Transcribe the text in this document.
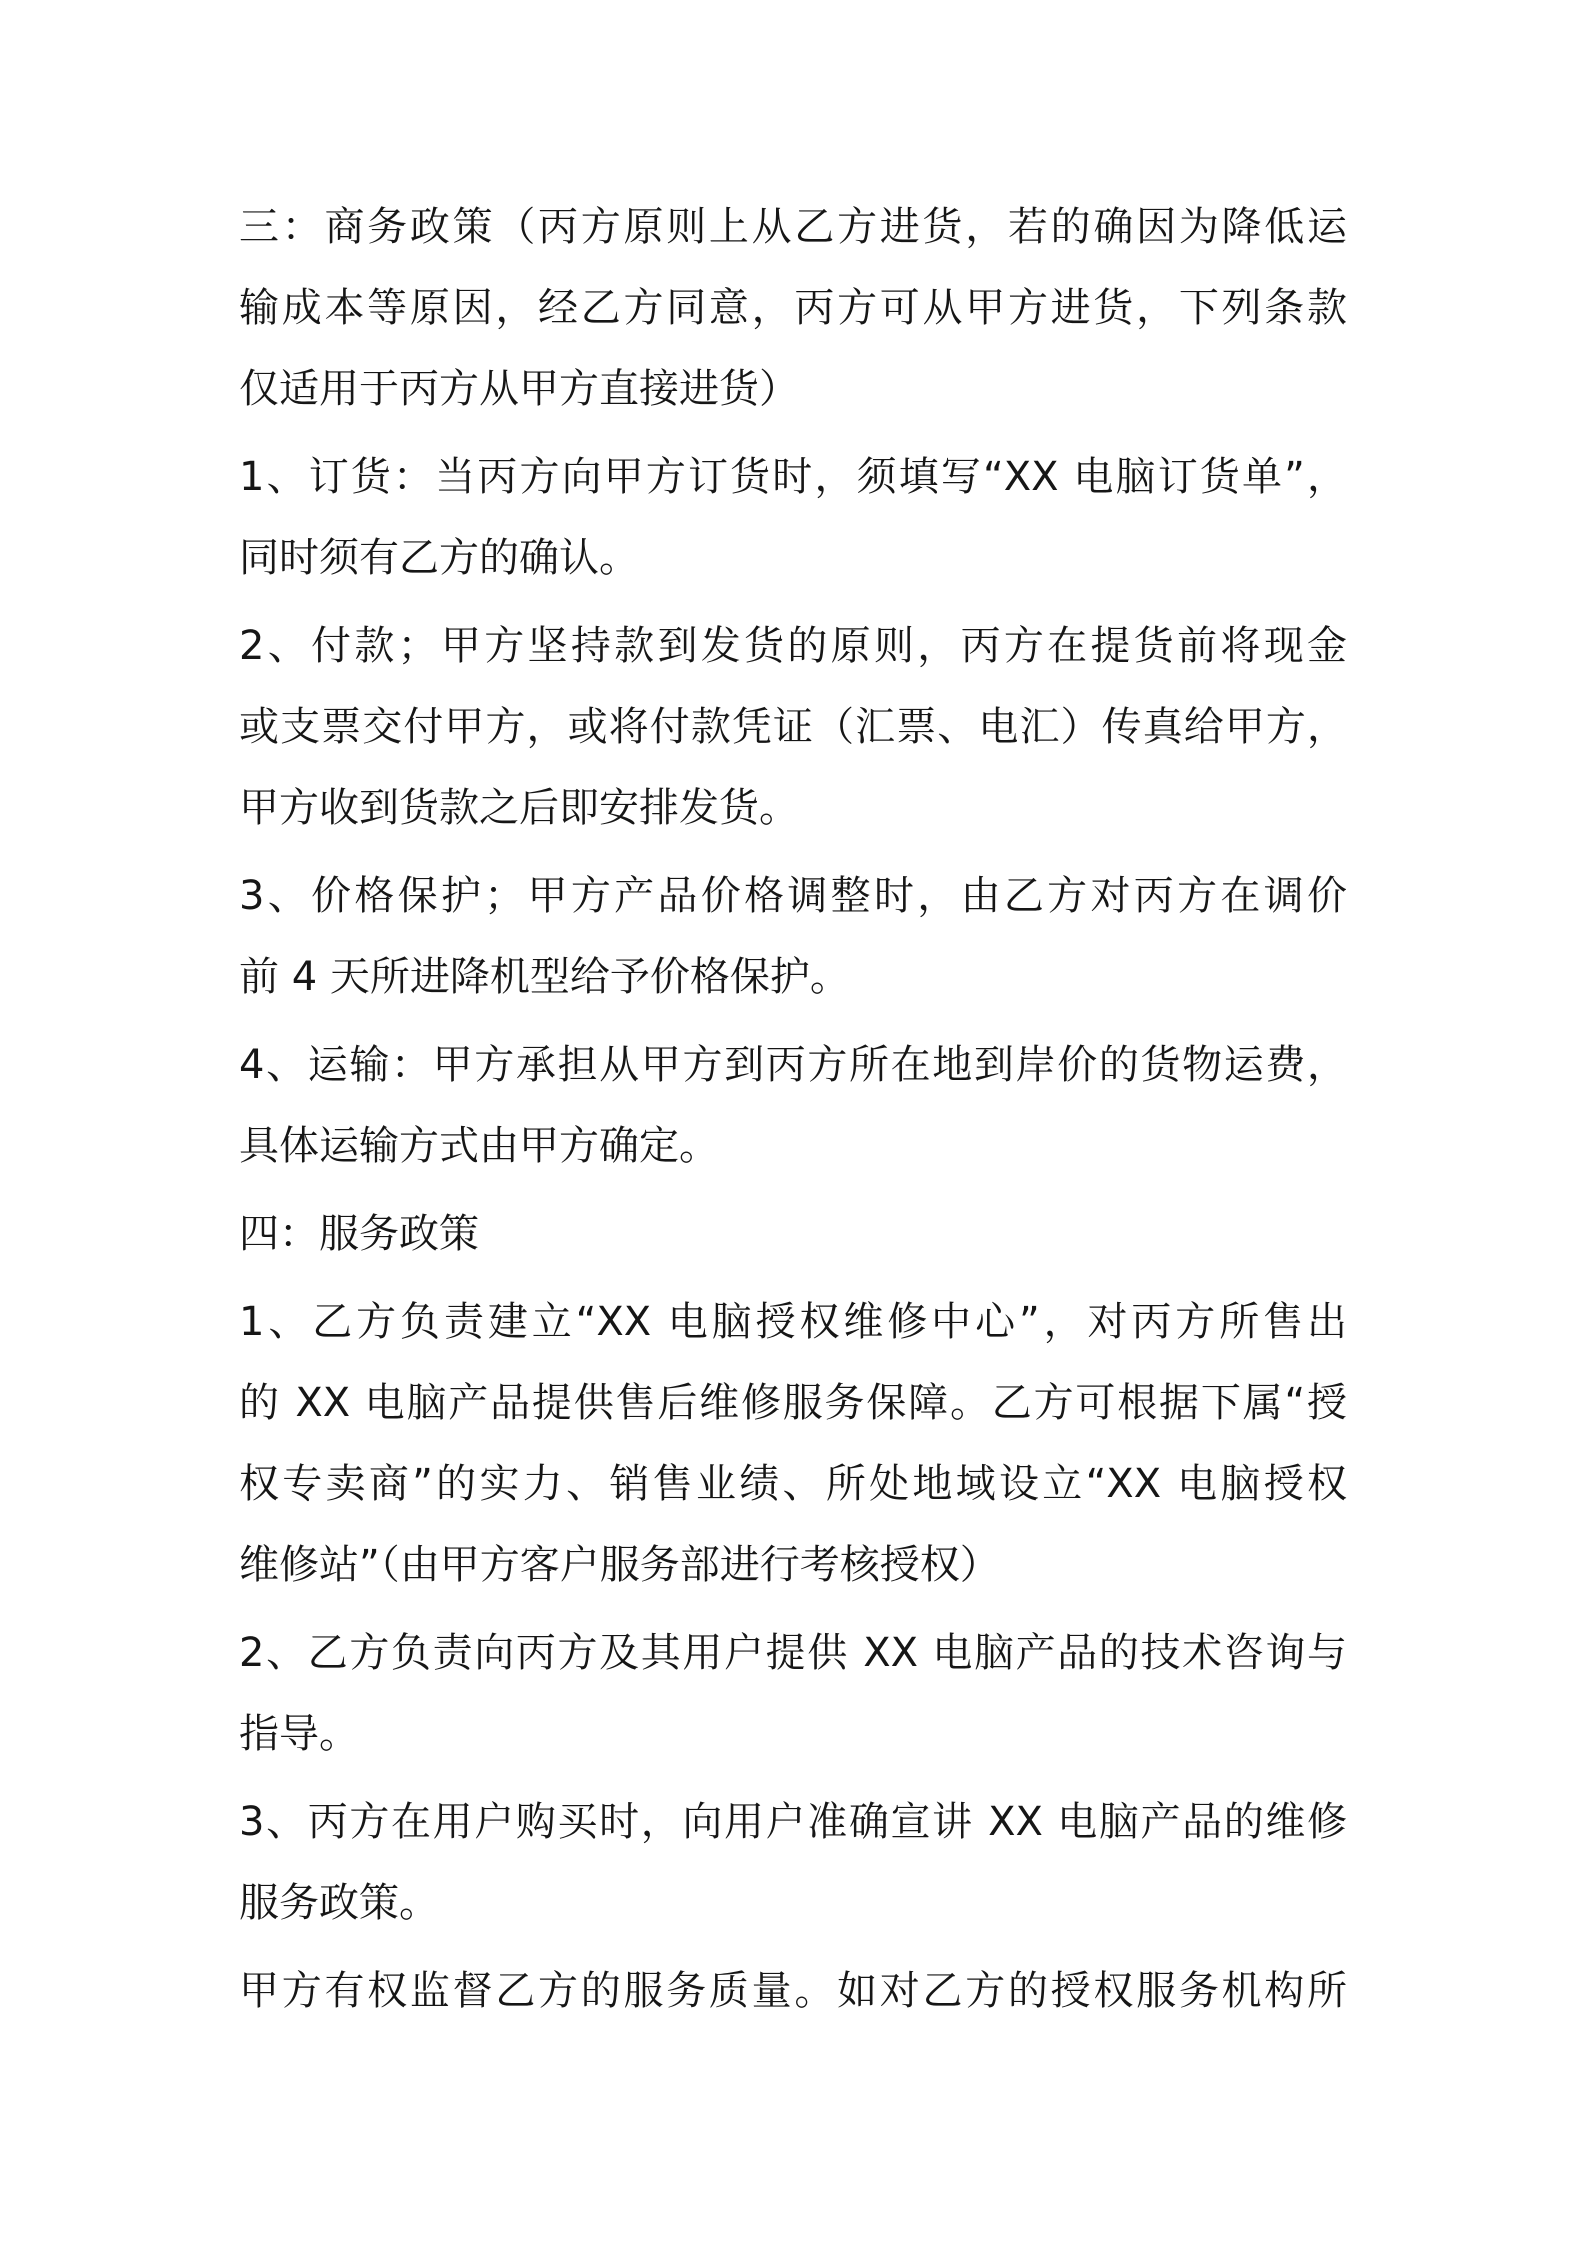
三：商务政策（丙方原则上从乙方进货，若的确因为降低运
输成本等原因，经乙方同意，丙方可从甲方进货，下列条款
仅适用于丙方从甲方直接进货）
1、订货：当丙方向甲方订货时，须填写“XX 电脑订货单”，
同时须有乙方的确认。
2、付款；甲方坚持款到发货的原则，丙方在提货前将现金
或支票交付甲方，或将付款凭证（汇票、电汇）传真给甲方，
甲方收到货款之后即安排发货。
3、价格保护；甲方产品价格调整时，由乙方对丙方在调价
前 4 天所进降机型给予价格保护。
4、运输：甲方承担从甲方到丙方所在地到岸价的货物运费，
具体运输方式由甲方确定。
四：服务政策
1、乙方负责建立“XX 电脑授权维修中心”，对丙方所售出
的 XX 电脑产品提供售后维修服务保障。乙方可根据下属“授
权专卖商”的实力、销售业绩、所处地域设立“XX 电脑授权
维修站”（由甲方客户服务部进行考核授权）
2、乙方负责向丙方及其用户提供 XX 电脑产品的技术咨询与
指导。
3、丙方在用户购买时，向用户准确宣讲 XX 电脑产品的维修
服务政策。
甲方有权监督乙方的服务质量。如对乙方的授权服务机构所
